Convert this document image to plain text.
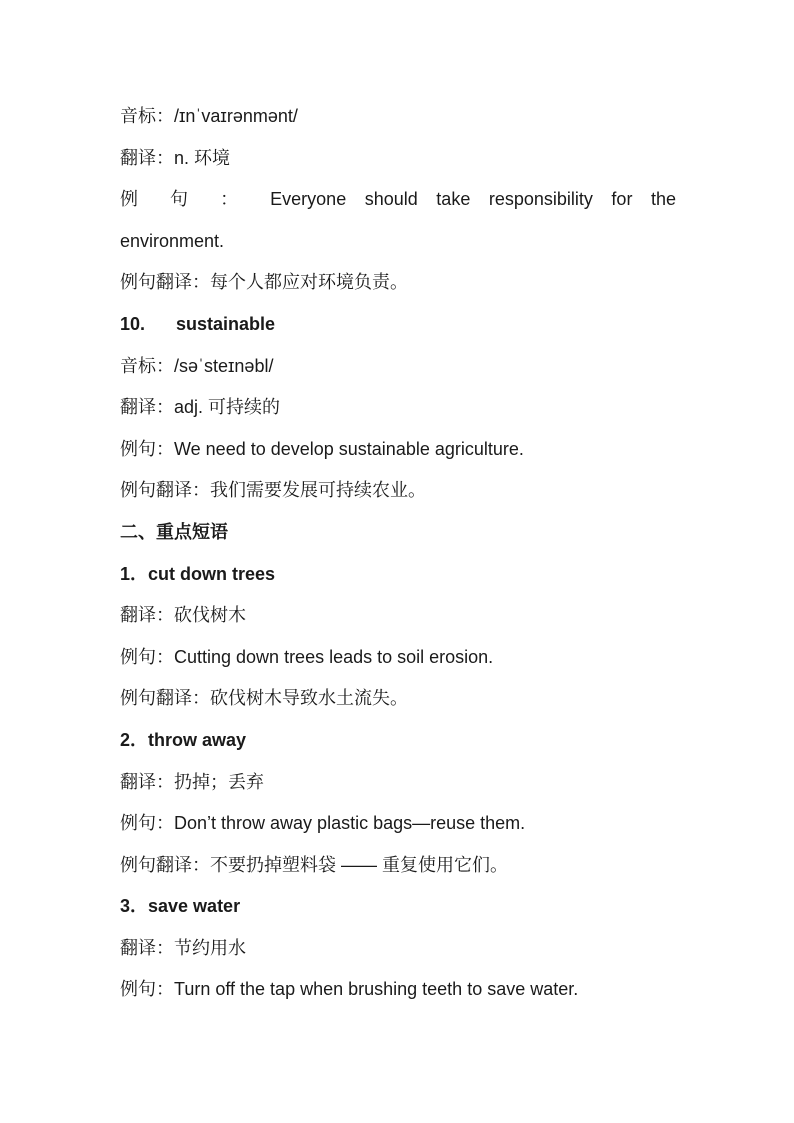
音标：/ɪnˈvaɪrənmənt/
翻译：n. 环境
例 句 ： Everyone should take responsibility for the
environment.
例句翻译：每个人都应对环境负责。
10. sustainable
音标：/səˈsteɪnəbl/
翻译：adj. 可持续的
例句：We need to develop sustainable agriculture.
例句翻译：我们需要发展可持续农业。
二、重点短语
1．cut down trees
翻译：砍伐树木
例句：Cutting down trees leads to soil erosion.
例句翻译：砍伐树木导致水土流失。
2．throw away
翻译：扔掉；丢弃
例句：Don’t throw away plastic bags—reuse them.
例句翻译：不要扔掉塑料袋 —— 重复使用它们。
3．save water
翻译：节约用水
例句：Turn off the tap when brushing teeth to save water.
